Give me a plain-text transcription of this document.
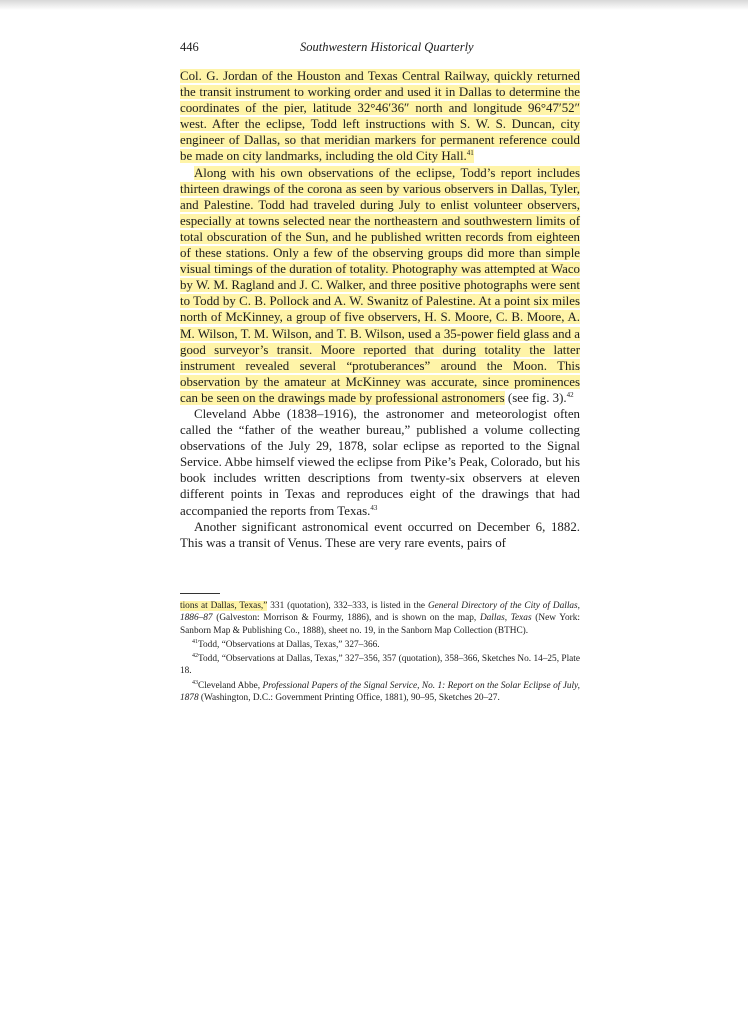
446	Southwestern Historical Quarterly

Col. G. Jordan of the Houston and Texas Central Railway, quickly returned the transit instrument to working order and used it in Dallas to determine the coordinates of the pier, latitude 32°46′36″ north and longitude 96°47′52″ west. After the eclipse, Todd left instructions with S. W. S. Duncan, city engineer of Dallas, so that meridian markers for permanent reference could be made on city landmarks, including the old City Hall.$^{41}$

Along with his own observations of the eclipse, Todd’s report includes thirteen drawings of the corona as seen by various observers in Dallas, Tyler, and Palestine. Todd had traveled during July to enlist volunteer observers, especially at towns selected near the northeastern and southwestern limits of total obscuration of the Sun, and he published written records from eighteen of these stations. Only a few of the observing groups did more than simple visual timings of the duration of totality. Photography was attempted at Waco by W. M. Ragland and J. C. Walker, and three positive photographs were sent to Todd by C. B. Pollock and A. W. Swanitz of Palestine. At a point six miles north of McKinney, a group of five observers, H. S. Moore, C. B. Moore, A. M. Wilson, T. M. Wilson, and T. B. Wilson, used a 35-power field glass and a good surveyor’s transit. Moore reported that during totality the latter instrument revealed several “protuberances” around the Moon. This observation by the amateur at McKinney was accurate, since prominences can be seen on the drawings made by professional astronomers (see fig. 3).$^{42}$

Cleveland Abbe (1838–1916), the astronomer and meteorologist often called the “father of the weather bureau,” published a volume collecting observations of the July 29, 1878, solar eclipse as reported to the Signal Service. Abbe himself viewed the eclipse from Pike’s Peak, Colorado, but his book includes written descriptions from twenty-six observers at eleven different points in Texas and reproduces eight of the drawings that had accompanied the reports from Texas.$^{43}$

Another significant astronomical event occurred on December 6, 1882. This was a transit of Venus. These are very rare events, pairs of

tions at Dallas, Texas,” 331 (quotation), 332–333, is listed in the General Directory of the City of Dallas, 1886–87 (Galveston: Morrison & Fourmy, 1886), and is shown on the map, Dallas, Texas (New York: Sanborn Map & Publishing Co., 1888), sheet no. 19, in the Sanborn Map Collection (BTHC).

$^{41}$Todd, “Observations at Dallas, Texas,” 327–366.

$^{42}$Todd, “Observations at Dallas, Texas,” 327–356, 357 (quotation), 358–366, Sketches No. 14–25, Plate 18.

$^{43}$Cleveland Abbe, Professional Papers of the Signal Service, No. 1: Report on the Solar Eclipse of July, 1878 (Washington, D.C.: Government Printing Office, 1881), 90–95, Sketches 20–27.
